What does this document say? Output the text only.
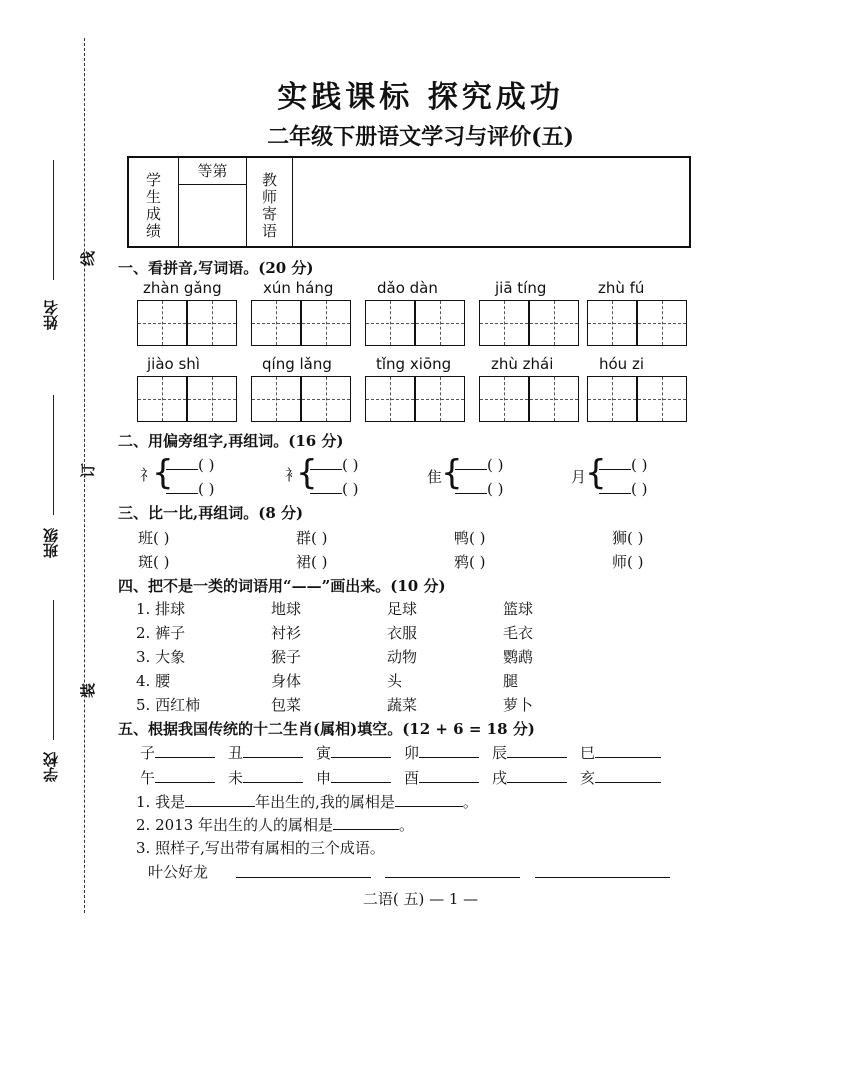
实践课标 探究成功
二年级下册语文学习与评价(五)
姓名
班级
学校
线
订
装
学生成绩
等第	教师寄语
一、看拼音,写词语。(20 分)
zhàn gǎng	xún háng	dǎo dàn	jiā tíng	zhù fú
jiào shì	qíng lǎng	tǐng xiōng	zhù zhái	hóu zi
二、用偏旁组字,再组词。(16 分)
礻
{	( )
( )
衤
{	( )
( )
隹
{	( )
( )
月
{	( )
( )
三、比一比,再组词。(8 分)
班( )	群( )	鸭( )	狮( )
斑( )	裙( )	鸦( )	师( )
四、把不是一类的词语用“——”画出来。(10 分)
1. 排球	地球	足球	篮球
2. 裤子	衬衫	衣服	毛衣
3. 大象	猴子	动物	鹦鹉
4. 腰	身体	头	腿
5. 西红柿	包菜	蔬菜	萝卜
五、根据我国传统的十二生肖(属相)填空。(12 + 6 = 18 分)
子	丑	寅	卯	辰	巳
午	未	申	酉	戌	亥
1. 我是	年出生的,我的属相是	。
2. 2013 年出生的人的属相是	。
3. 照样子,写出带有属相的三个成语。
叶公好龙
二语( 五) — 1 —
